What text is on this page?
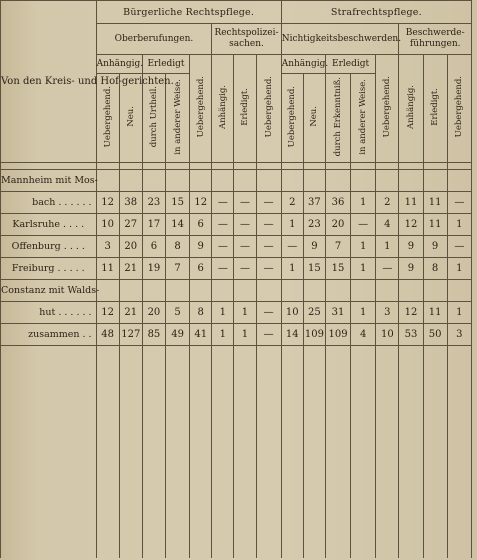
Von den Kreis- und Hof-gerichten.	Bürgerliche Rechtspflege.								Strafrechtspflege.							
	Oberberufungen.					Rechtspolizei-sachen.			Nichtigkeitsbeschwerden.					Beschwerde-führungen.		
	Anhängig.		Erledigt		Uebergehend.	Anhängig.	Erledigt.	Uebergehend.	Anhängig.		Erledigt		Uebergehend.	Anhängig.	Erledigt.	Uebergehend.
	Uebergehend.	Neu.	durch Urtheil.	in anderer Weise.					Uebergehend.	Neu.	durch Erkenntniß.	in anderer Weise.				

Mannheim mit Mos-																
bach . . . . . .	12	38	23	15	12	—	—	—	2	37	36	1	2	11	11	—
Karlsruhe . . . .	10	27	17	14	6	—	—	—	1	23	20	—	4	12	11	1
Offenburg . . . .	3	20	6	8	9	—	—	—	—	9	7	1	1	9	9	—
Freiburg . . . . .	11	21	19	7	6	—	—	—	1	15	15	1	—	9	8	1
Constanz mit Walds-																
hut . . . . . .	12	21	20	5	8	1	1	—	10	25	31	1	3	12	11	1
zusammen . .	48	127	85	49	41	1	1	—	14	109	109	4	10	53	50	3
